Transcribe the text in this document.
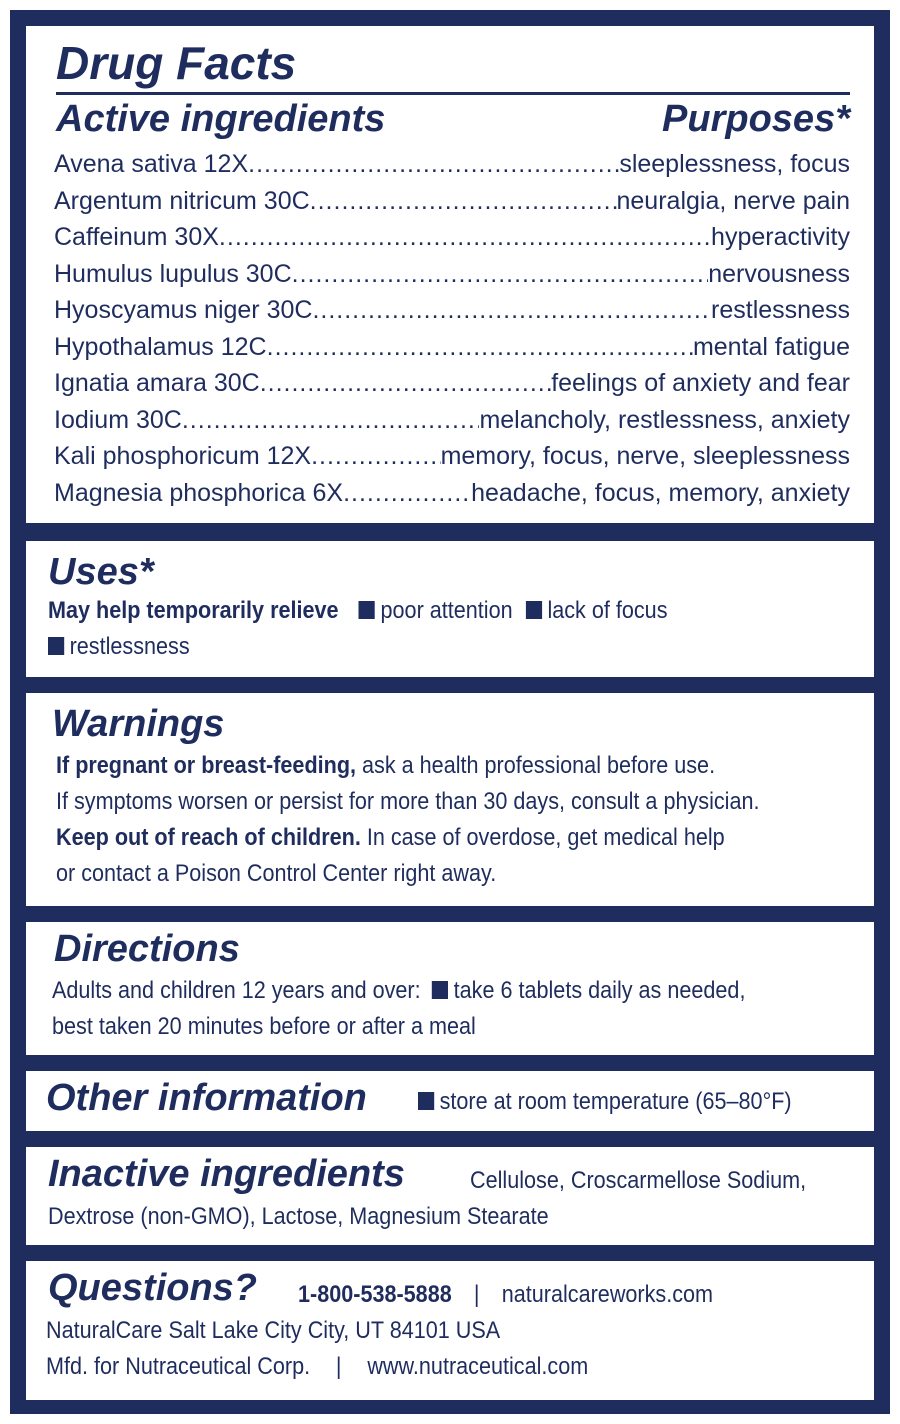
Drug Facts
Active ingredients	Purposes*
Avena sativa 12X .....	sleeplessness, focus
Argentum nitricum 30C .....	neuralgia, nerve pain
Caffeinum 30X .....	hyperactivity
Humulus lupulus 30C .....	nervousness
Hyoscyamus niger 30C .....	restlessness
Hypothalamus 12C .....	mental fatigue
Ignatia amara 30C .....	feelings of anxiety and fear
Iodium 30C .....	melancholy, restlessness, anxiety
Kali phosphoricum 12X .....	memory, focus, nerve, sleeplessness
Magnesia phosphorica 6X .....	headache, focus, memory, anxiety
Uses*
May help temporarily relieve poor attention lack of focus
restlessness
Warnings
If pregnant or breast-feeding, ask a health professional before use.
If symptoms worsen or persist for more than 30 days, consult a physician.
Keep out of reach of children. In case of overdose, get medical help
or contact a Poison Control Center right away.
Directions
Adults and children 12 years and over: take 6 tablets daily as needed,
best taken 20 minutes before or after a meal
Other information	store at room temperature (65–80°F)
Inactive ingredients	Cellulose, Croscarmellose Sodium,
Dextrose (non-GMO), Lactose, Magnesium Stearate
Questions? 1-800-538-5888 | naturalcareworks.com
NaturalCare Salt Lake City City, UT 84101 USA
Mfd. for Nutraceutical Corp. | www.nutraceutical.com
